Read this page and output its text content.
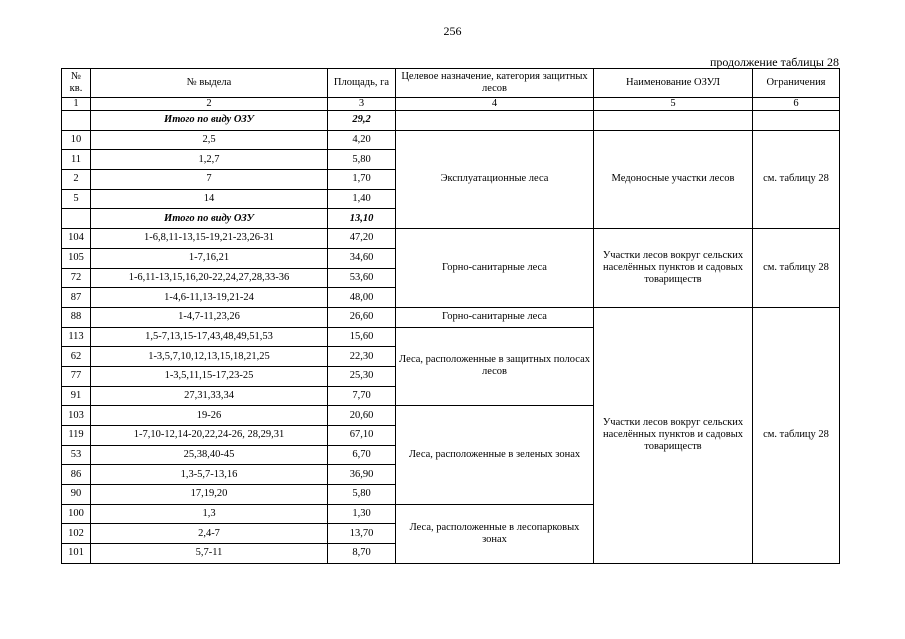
256
продолжение таблицы 28
№ кв.	№ выдела	Площадь, га	Целевое назначение, категория защитных лесов	Наименование ОЗУЛ	Ограничения
1	2	3	4	5	6
	Итого по виду ОЗУ	29,2			
10	2,5	4,20	Эксплуатационные леса	Медоносные участки лесов	см. таблицу 28
11	1,2,7	5,80			
2	7	1,70			
5	14	1,40			
	Итого по виду ОЗУ	13,10			
104	1-6,8,11-13,15-19,21-23,26-31	47,20	Горно-санитарные леса	Участки лесов вокруг сельских населённых пунктов и садовых товариществ	см. таблицу 28
105	1-7,16,21	34,60			
72	1-6,11-13,15,16,20-22,24,27,28,33-36	53,60			
87	1-4,6-11,13-19,21-24	48,00			
88	1-4,7-11,23,26	26,60	Горно-санитарные леса	Участки лесов вокруг сельских населённых пунктов и садовых товариществ	см. таблицу 28
113	1,5-7,13,15-17,43,48,49,51,53	15,60	Леса, расположенные в защитных полосах лесов		
62	1-3,5,7,10,12,13,15,18,21,25	22,30			
77	1-3,5,11,15-17,23-25	25,30			
91	27,31,33,34	7,70			
103	19-26	20,60	Леса, расположенные в зеленых зонах		
119	1-7,10-12,14-20,22,24-26, 28,29,31	67,10			
53	25,38,40-45	6,70			
86	1,3-5,7-13,16	36,90			
90	17,19,20	5,80			
100	1,3	1,30	Леса, расположенные в лесопарковых зонах		
102	2,4-7	13,70			
101	5,7-11	8,70			
